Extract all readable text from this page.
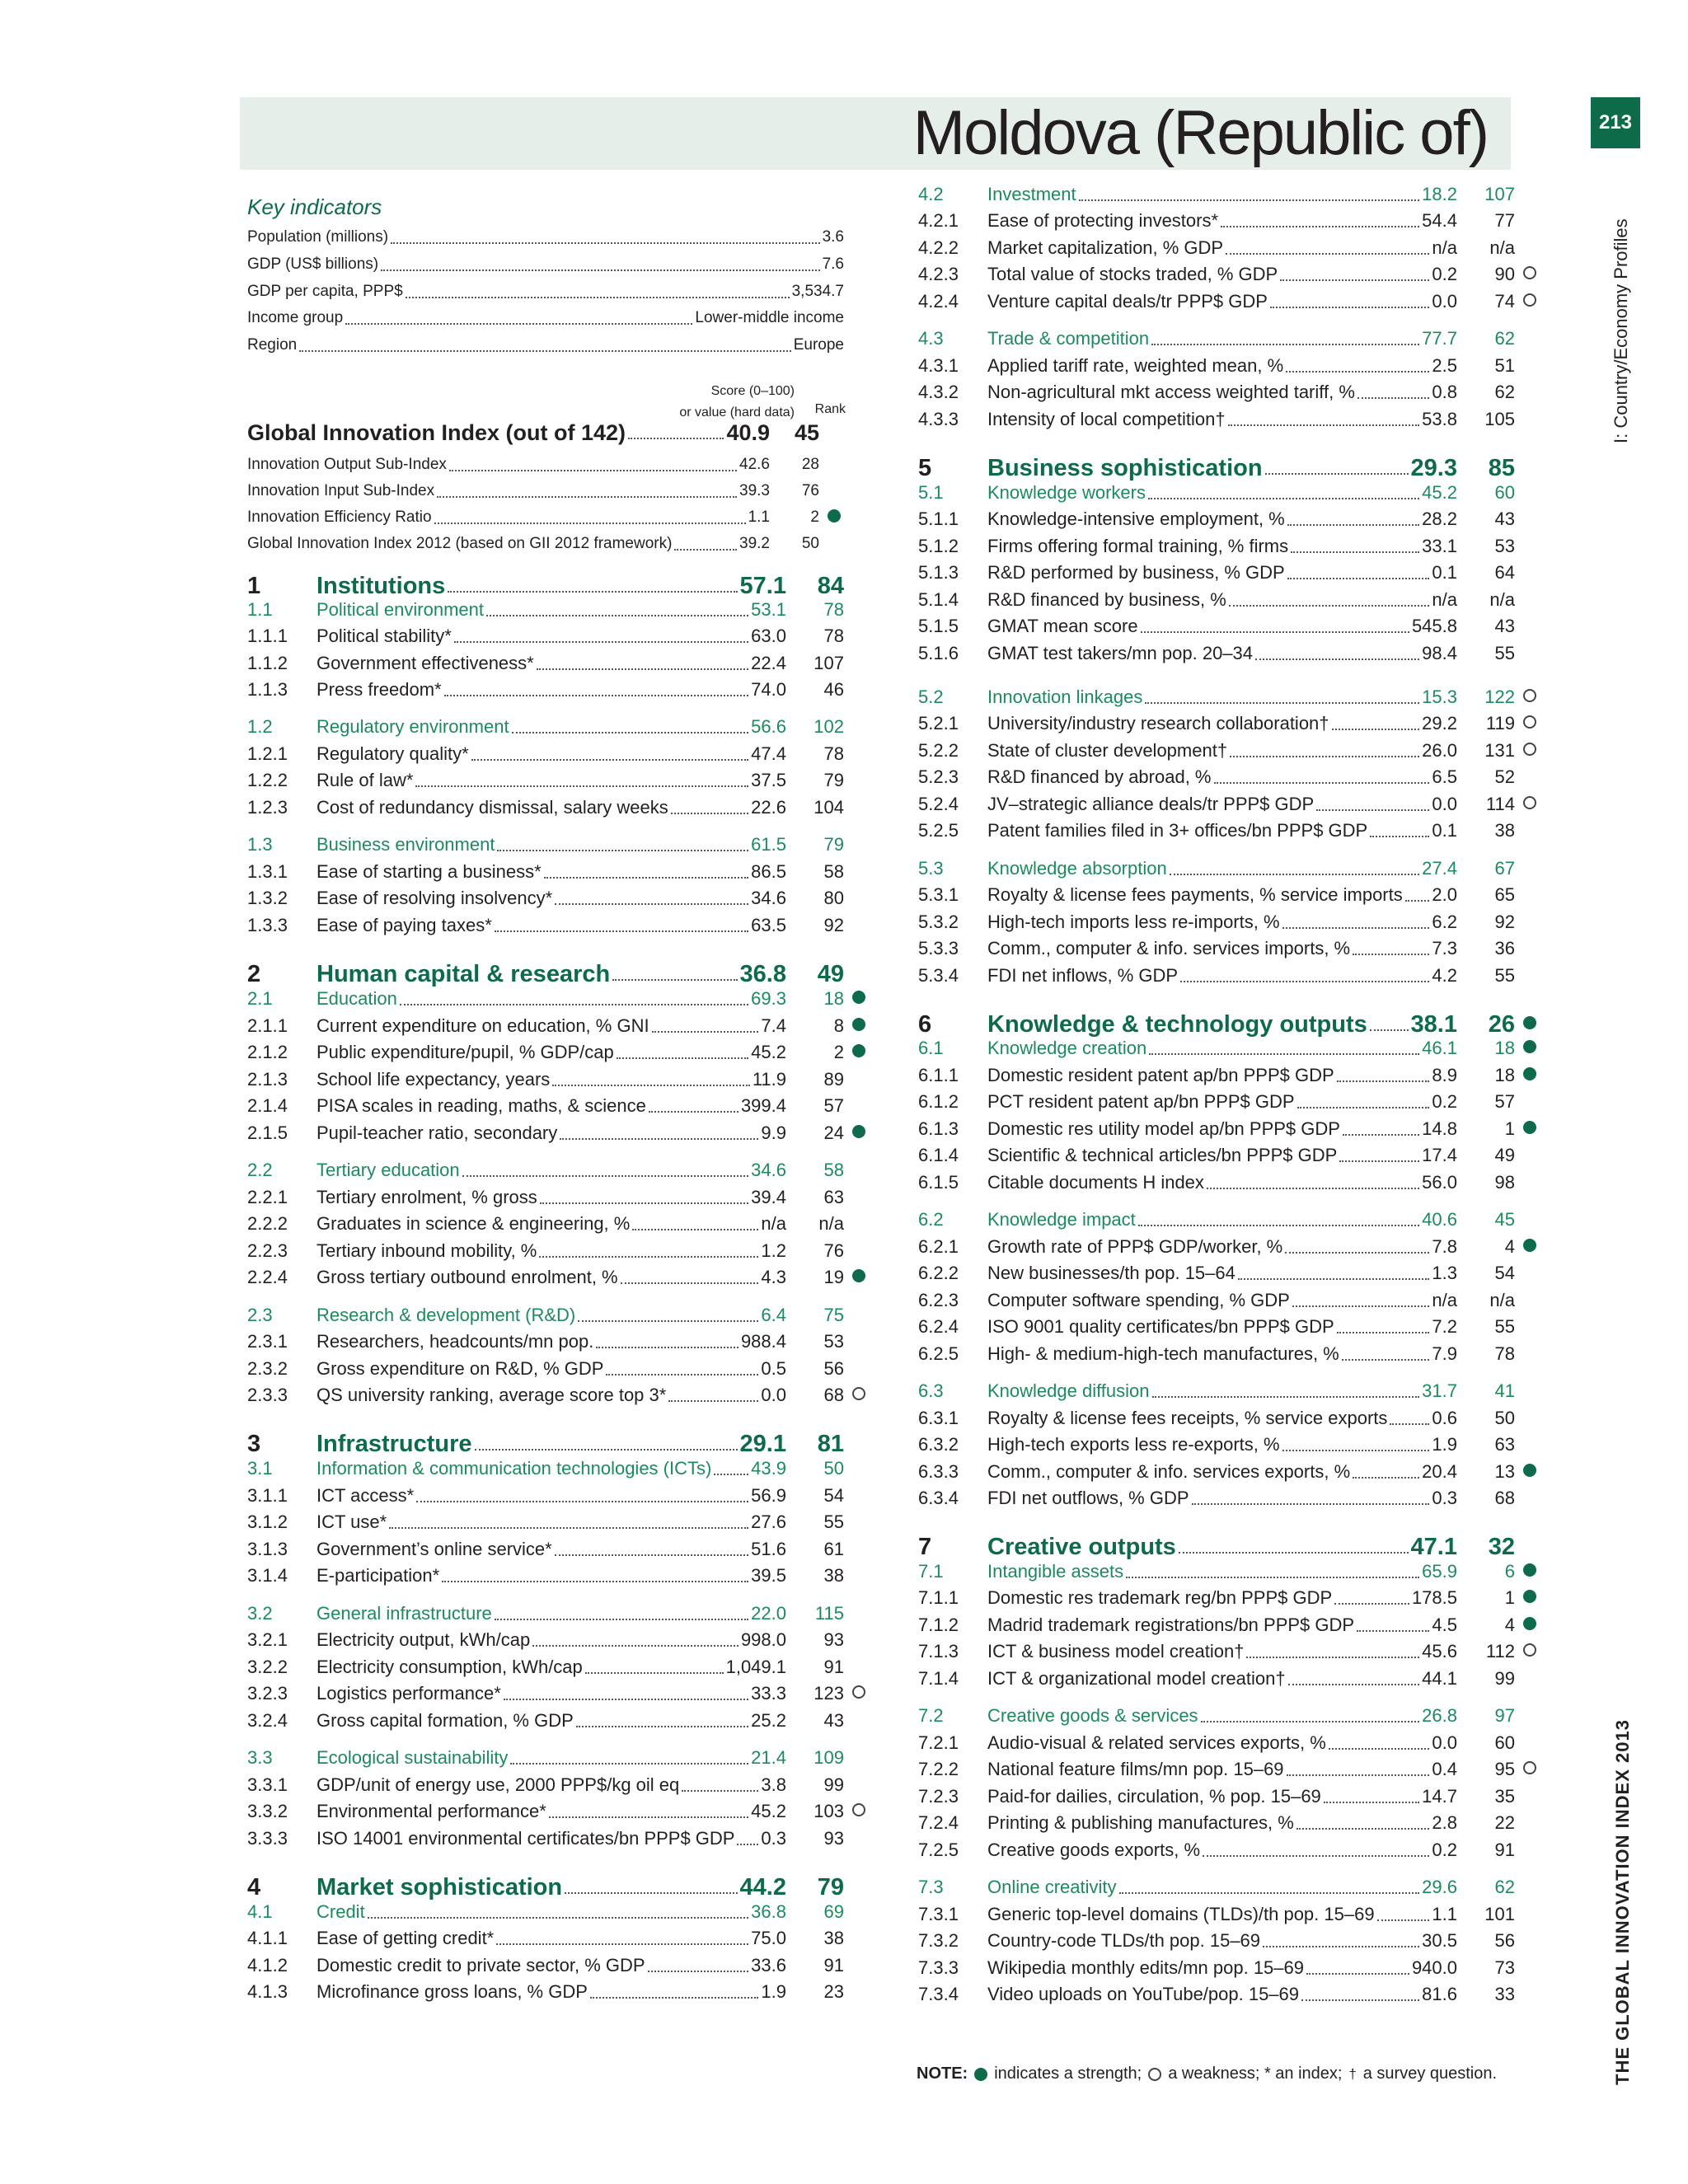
Moldova (Republic of)	213
I: Country/Economy Profiles
THE GLOBAL INNOVATION INDEX 2013
Key indicators
Population (millions)	3.6
GDP (US$ billions)	7.6
GDP per capita, PPP$	3,534.7
Income group	Lower-middle income
Region	Europe
Score (0–100)
or value (hard data)	Rank
Global Innovation Index (out of 142)	40.9	45
Innovation Output Sub-Index	42.6	28
Innovation Input Sub-Index	39.3	76
Innovation Efficiency Ratio	1.1	2
Global Innovation Index 2012 (based on GII 2012 framework)	39.2	50
1	Institutions	57.1	84
1.1	Political environment	53.1	78
1.1.1	Political stability*	63.0	78
1.1.2	Government effectiveness*	22.4	107
1.1.3	Press freedom*	74.0	46
1.2	Regulatory environment	56.6	102
1.2.1	Regulatory quality*	47.4	78
1.2.2	Rule of law*	37.5	79
1.2.3	Cost of redundancy dismissal, salary weeks	22.6	104
1.3	Business environment	61.5	79
1.3.1	Ease of starting a business*	86.5	58
1.3.2	Ease of resolving insolvency*	34.6	80
1.3.3	Ease of paying taxes*	63.5	92
2	Human capital & research	36.8	49
2.1	Education	69.3	18
2.1.1	Current expenditure on education, % GNI	7.4	8
2.1.2	Public expenditure/pupil, % GDP/cap	45.2	2
2.1.3	School life expectancy, years	11.9	89
2.1.4	PISA scales in reading, maths, & science	399.4	57
2.1.5	Pupil-teacher ratio, secondary	9.9	24
2.2	Tertiary education	34.6	58
2.2.1	Tertiary enrolment, % gross	39.4	63
2.2.2	Graduates in science & engineering, %	n/a	n/a
2.2.3	Tertiary inbound mobility, %	1.2	76
2.2.4	Gross tertiary outbound enrolment, %	4.3	19
2.3	Research & development (R&D)	6.4	75
2.3.1	Researchers, headcounts/mn pop.	988.4	53
2.3.2	Gross expenditure on R&D, % GDP	0.5	56
2.3.3	QS university ranking, average score top 3*	0.0	68
3	Infrastructure	29.1	81
3.1	Information & communication technologies (ICTs) 43.9	50
3.1.1	ICT access*	56.9	54
3.1.2	ICT use*	27.6	55
3.1.3	Government’s online service*	51.6	61
3.1.4	E-participation*	39.5	38
3.2	General infrastructure	22.0	115
3.2.1	Electricity output, kWh/cap	998.0	93
3.2.2	Electricity consumption, kWh/cap	1,049.1	91
3.2.3	Logistics performance*	33.3	123
3.2.4	Gross capital formation, % GDP	25.2	43
3.3	Ecological sustainability	21.4	109
3.3.1	GDP/unit of energy use, 2000 PPP$/kg oil eq	3.8	99
3.3.2	Environmental performance*	45.2	103
3.3.3	ISO 14001 environmental certificates/bn PPP$ GDP 0.3	93
4	Market sophistication	44.2	79
4.1	Credit	36.8	69
4.1.1	Ease of getting credit*	75.0	38
4.1.2	Domestic credit to private sector, % GDP	33.6	91
4.1.3	Microfinance gross loans, % GDP	1.9	23
4.2	Investment	18.2	107
4.2.1	Ease of protecting investors*	54.4	77
4.2.2	Market capitalization, % GDP	n/a	n/a
4.2.3	Total value of stocks traded, % GDP	0.2	90
4.2.4	Venture capital deals/tr PPP$ GDP	0.0	74
4.3	Trade & competition	77.7	62
4.3.1	Applied tariff rate, weighted mean, %	2.5	51
4.3.2	Non-agricultural mkt access weighted tariff, %	0.8	62
4.3.3	Intensity of local competition†	53.8	105
5	Business sophistication	29.3	85
5.1	Knowledge workers	45.2	60
5.1.1	Knowledge-intensive employment, %	28.2	43
5.1.2	Firms offering formal training, % firms	33.1	53
5.1.3	R&D performed by business, % GDP	0.1	64
5.1.4	R&D financed by business, %	n/a	n/a
5.1.5	GMAT mean score	545.8	43
5.1.6	GMAT test takers/mn pop. 20–34	98.4	55
5.2	Innovation linkages	15.3	122
5.2.1	University/industry research collaboration†	29.2	119
5.2.2	State of cluster development†	26.0	131
5.2.3	R&D financed by abroad, %	6.5	52
5.2.4	JV–strategic alliance deals/tr PPP$ GDP	0.0	114
5.2.5	Patent families filed in 3+ offices/bn PPP$ GDP	0.1	38
5.3	Knowledge absorption	27.4	67
5.3.1	Royalty & license fees payments, % service imports 2.0	65
5.3.2	High-tech imports less re-imports, %	6.2	92
5.3.3	Comm., computer & info. services imports, %	7.3	36
5.3.4	FDI net inflows, % GDP	4.2	55
6	Knowledge & technology outputs 38.1	26
6.1	Knowledge creation	46.1	18
6.1.1	Domestic resident patent ap/bn PPP$ GDP	8.9	18
6.1.2	PCT resident patent ap/bn PPP$ GDP	0.2	57
6.1.3	Domestic res utility model ap/bn PPP$ GDP	14.8	1
6.1.4	Scientific & technical articles/bn PPP$ GDP	17.4	49
6.1.5	Citable documents H index	56.0	98
6.2	Knowledge impact	40.6	45
6.2.1	Growth rate of PPP$ GDP/worker, %	7.8	4
6.2.2	New businesses/th pop. 15–64	1.3	54
6.2.3	Computer software spending, % GDP	n/a	n/a
6.2.4	ISO 9001 quality certificates/bn PPP$ GDP	7.2	55
6.2.5	High- & medium-high-tech manufactures, %	7.9	78
6.3	Knowledge diffusion	31.7	41
6.3.1	Royalty & license fees receipts, % service exports 0.6	50
6.3.2	High-tech exports less re-exports, %	1.9	63
6.3.3	Comm., computer & info. services exports, %	20.4	13
6.3.4	FDI net outflows, % GDP	0.3	68
7	Creative outputs	47.1	32
7.1	Intangible assets	65.9	6
7.1.1	Domestic res trademark reg/bn PPP$ GDP	178.5	1
7.1.2	Madrid trademark registrations/bn PPP$ GDP	4.5	4
7.1.3	ICT & business model creation†	45.6	112
7.1.4	ICT & organizational model creation†	44.1	99
7.2	Creative goods & services	26.8	97
7.2.1	Audio-visual & related services exports, %	0.0	60
7.2.2	National feature films/mn pop. 15–69	0.4	95
7.2.3	Paid-for dailies, circulation, % pop. 15–69	14.7	35
7.2.4	Printing & publishing manufactures, %	2.8	22
7.2.5	Creative goods exports, %	0.2	91
7.3	Online creativity	29.6	62
7.3.1	Generic top-level domains (TLDs)/th pop. 15–69	1.1	101
7.3.2	Country-code TLDs/th pop. 15–69	30.5	56
7.3.3	Wikipedia monthly edits/mn pop. 15–69	940.0	73
7.3.4	Video uploads on YouTube/pop. 15–69	81.6	33
NOTE: indicates a strength; a weakness; * an index; † a survey question.
